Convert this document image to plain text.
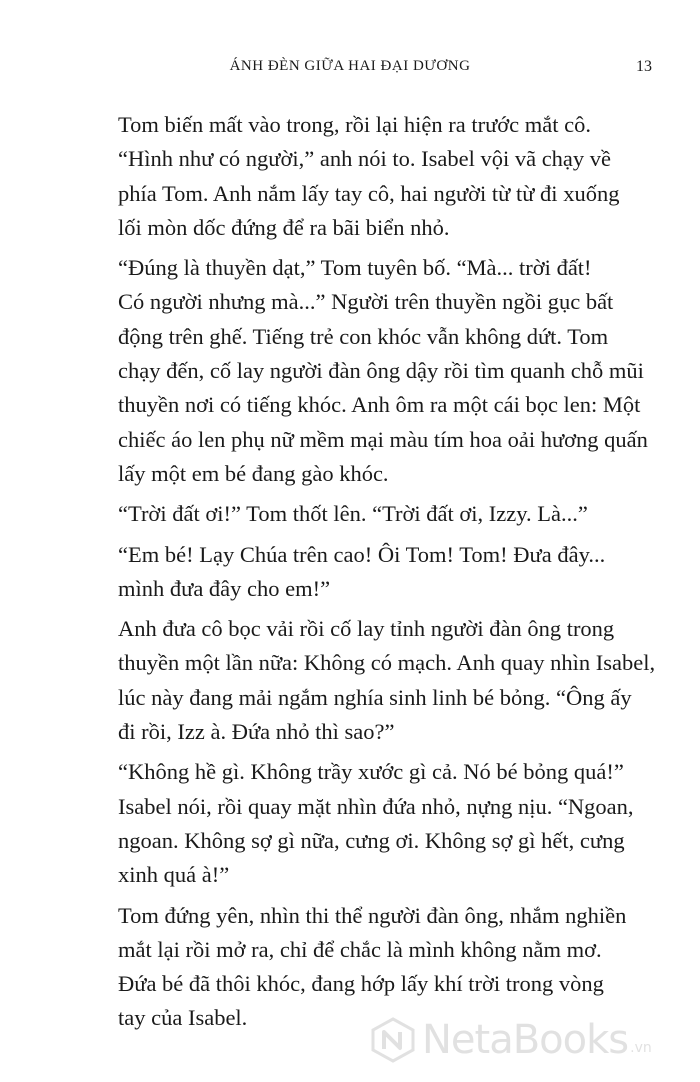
ÁNH ĐÈN GIỮA HAI ĐẠI DƯƠNG	13

Tom biến mất vào trong, rồi lại hiện ra trước mắt cô.
“Hình như có người,” anh nói to. Isabel vội vã chạy về
phía Tom. Anh nắm lấy tay cô, hai người từ từ đi xuống
lối mòn dốc đứng để ra bãi biển nhỏ.

“Đúng là thuyền dạt,” Tom tuyên bố. “Mà... trời đất!
Có người nhưng mà...” Người trên thuyền ngồi gục bất
động trên ghế. Tiếng trẻ con khóc vẫn không dứt. Tom
chạy đến, cố lay người đàn ông dậy rồi tìm quanh chỗ mũi
thuyền nơi có tiếng khóc. Anh ôm ra một cái bọc len: Một
chiếc áo len phụ nữ mềm mại màu tím hoa oải hương quấn
lấy một em bé đang gào khóc.

“Trời đất ơi!” Tom thốt lên. “Trời đất ơi, Izzy. Là...”

“Em bé! Lạy Chúa trên cao! Ôi Tom! Tom! Đưa đây...
mình đưa đây cho em!”

Anh đưa cô bọc vải rồi cố lay tỉnh người đàn ông trong
thuyền một lần nữa: Không có mạch. Anh quay nhìn Isabel,
lúc này đang mải ngắm nghía sinh linh bé bỏng. “Ông ấy
đi rồi, Izz à. Đứa nhỏ thì sao?”

“Không hề gì. Không trầy xước gì cả. Nó bé bỏng quá!”
Isabel nói, rồi quay mặt nhìn đứa nhỏ, nựng nịu. “Ngoan,
ngoan. Không sợ gì nữa, cưng ơi. Không sợ gì hết, cưng
xinh quá à!”

Tom đứng yên, nhìn thi thể người đàn ông, nhắm nghiền
mắt lại rồi mở ra, chỉ để chắc là mình không nằm mơ.
Đứa bé đã thôi khóc, đang hớp lấy khí trời trong vòng
tay của Isabel.	NetaBooks .vn
